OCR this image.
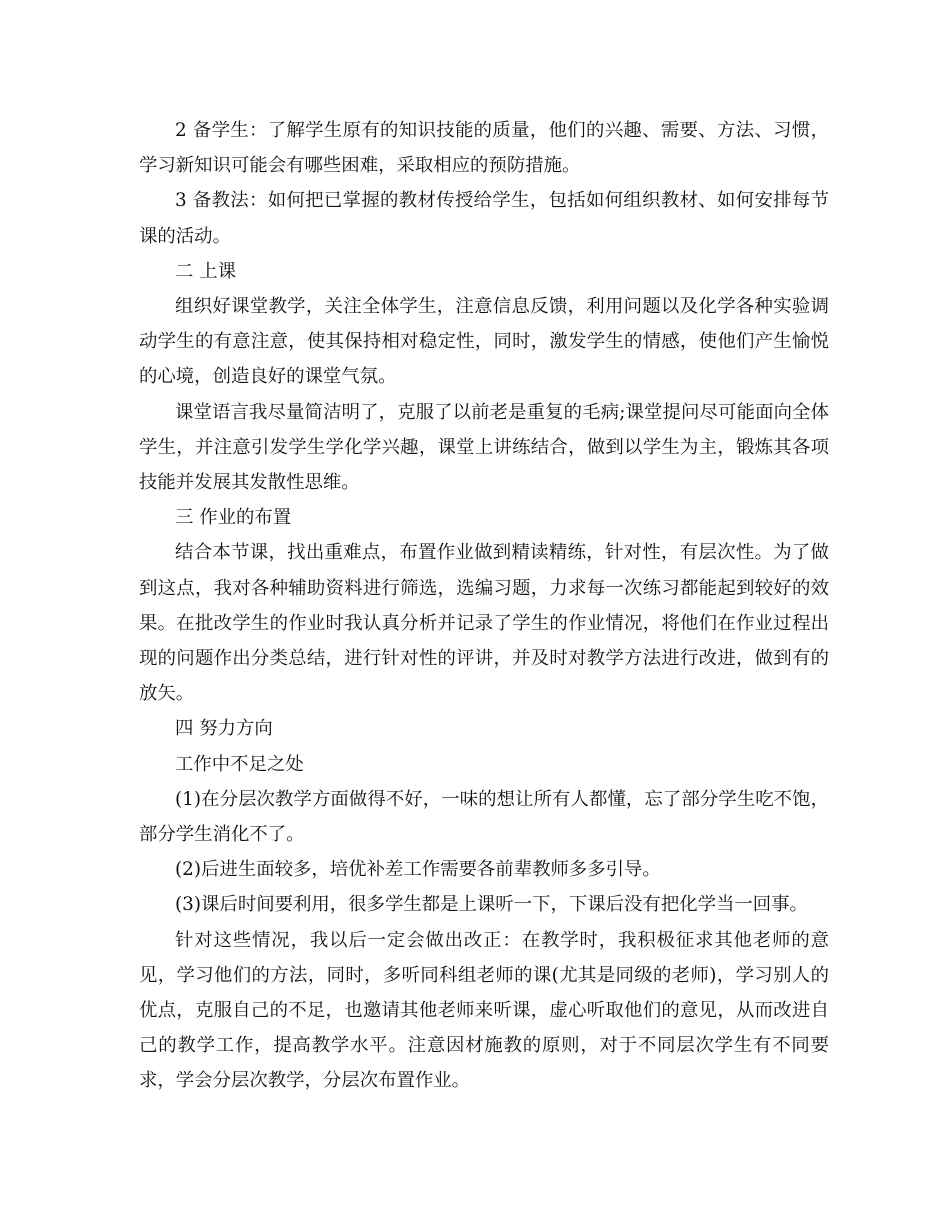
2 备学生：了解学生原有的知识技能的质量，他们的兴趣、需要、方法、习惯，学习新知识可能会有哪些困难，采取相应的预防措施。

3 备教法：如何把已掌握的教材传授给学生，包括如何组织教材、如何安排每节课的活动。

二 上课

组织好课堂教学，关注全体学生，注意信息反馈，利用问题以及化学各种实验调动学生的有意注意，使其保持相对稳定性，同时，激发学生的情感，使他们产生愉悦的心境，创造良好的课堂气氛。

课堂语言我尽量简洁明了，克服了以前老是重复的毛病;课堂提问尽可能面向全体学生，并注意引发学生学化学兴趣，课堂上讲练结合，做到以学生为主，锻炼其各项技能并发展其发散性思维。

三 作业的布置

结合本节课，找出重难点，布置作业做到精读精练，针对性，有层次性。为了做到这点，我对各种辅助资料进行筛选，选编习题，力求每一次练习都能起到较好的效果。在批改学生的作业时我认真分析并记录了学生的作业情况，将他们在作业过程出现的问题作出分类总结，进行针对性的评讲，并及时对教学方法进行改进，做到有的放矢。

四 努力方向

工作中不足之处

(1)在分层次教学方面做得不好，一味的想让所有人都懂，忘了部分学生吃不饱，部分学生消化不了。

(2)后进生面较多，培优补差工作需要各前辈教师多多引导。

(3)课后时间要利用，很多学生都是上课听一下，下课后没有把化学当一回事。

针对这些情况，我以后一定会做出改正：在教学时，我积极征求其他老师的意见，学习他们的方法，同时，多听同科组老师的课(尤其是同级的老师)，学习别人的优点，克服自己的不足，也邀请其他老师来听课，虚心听取他们的意见，从而改进自己的教学工作，提高教学水平。注意因材施教的原则，对于不同层次学生有不同要求，学会分层次教学，分层次布置作业。
